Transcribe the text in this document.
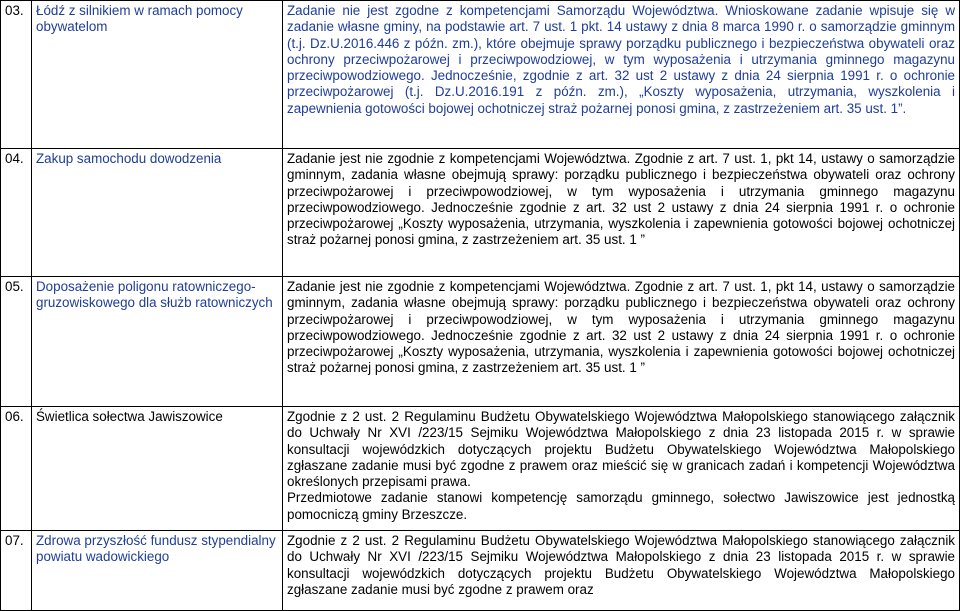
03.	Łódź z silnikiem w ramach pomocy obywatelom	Zadanie nie jest zgodne z kompetencjami Samorządu Województwa. Wnioskowane zadanie wpisuje się w zadanie własne gminy, na podstawie art. 7 ust. 1 pkt. 14 ustawy z dnia 8 marca 1990 r. o samorządzie gminnym (t.j. Dz.U.2016.446 z późn. zm.), które obejmuje sprawy porządku publicznego i bezpieczeństwa obywateli oraz ochrony przeciwpożarowej i przeciwpowodziowej, w tym wyposażenia i utrzymania gminnego magazynu przeciwpowodziowego. Jednocześnie, zgodnie z art. 32 ust 2 ustawy z dnia 24 sierpnia 1991 r. o ochronie przeciwpożarowej (t.j. Dz.U.2016.191 z późn. zm.), „Koszty wyposażenia, utrzymania, wyszkolenia i zapewnienia gotowości bojowej ochotniczej straż pożarnej ponosi gmina, z zastrzeżeniem art. 35 ust. 1”.
04.	Zakup samochodu dowodzenia	Zadanie jest nie zgodnie z kompetencjami Województwa. Zgodnie z art. 7 ust. 1, pkt 14, ustawy o samorządzie gminnym, zadania własne obejmują sprawy: porządku publicznego i bezpieczeństwa obywateli oraz ochrony przeciwpożarowej i przeciwpowodziowej, w tym wyposażenia i utrzymania gminnego magazynu przeciwpowodziowego. Jednocześnie zgodnie z art. 32 ust 2 ustawy z dnia 24 sierpnia 1991 r. o ochronie przeciwpożarowej „Koszty wyposażenia, utrzymania, wyszkolenia i zapewnienia gotowości bojowej ochotniczej straż pożarnej ponosi gmina, z zastrzeżeniem art. 35 ust. 1 ”
05.	Doposażenie poligonu ratowniczego-gruzowiskowego dla służb ratowniczych	Zadanie jest nie zgodnie z kompetencjami Województwa. Zgodnie z art. 7 ust. 1, pkt 14, ustawy o samorządzie gminnym, zadania własne obejmują sprawy: porządku publicznego i bezpieczeństwa obywateli oraz ochrony przeciwpożarowej i przeciwpowodziowej, w tym wyposażenia i utrzymania gminnego magazynu przeciwpowodziowego. Jednocześnie zgodnie z art. 32 ust 2 ustawy z dnia 24 sierpnia 1991 r. o ochronie przeciwpożarowej „Koszty wyposażenia, utrzymania, wyszkolenia i zapewnienia gotowości bojowej ochotniczej straż pożarnej ponosi gmina, z zastrzeżeniem art. 35 ust. 1 ”
06.	Świetlica sołectwa Jawiszowice	Zgodnie z 2 ust. 2 Regulaminu Budżetu Obywatelskiego Województwa Małopolskiego stanowiącego załącznik do Uchwały Nr XVI /223/15 Sejmiku Województwa Małopolskiego z dnia 23 listopada 2015 r. w sprawie konsultacji wojewódzkich dotyczących projektu Budżetu Obywatelskiego Województwa Małopolskiego zgłaszane zadanie musi być zgodne z prawem oraz mieścić się w granicach zadań i kompetencji Województwa określonych przepisami prawa.
Przedmiotowe zadanie stanowi kompetencję samorządu gminnego, sołectwo Jawiszowice jest jednostką pomocniczą gminy Brzeszcze.

07.	Zdrowa przyszłość fundusz stypendialny powiatu wadowickiego	Zgodnie z 2 ust. 2 Regulaminu Budżetu Obywatelskiego Województwa Małopolskiego stanowiącego załącznik do Uchwały Nr XVI /223/15 Sejmiku Województwa Małopolskiego z dnia 23 listopada 2015 r. w sprawie konsultacji wojewódzkich dotyczących projektu Budżetu Obywatelskiego Województwa Małopolskiego zgłaszane zadanie musi być zgodne z prawem oraz
